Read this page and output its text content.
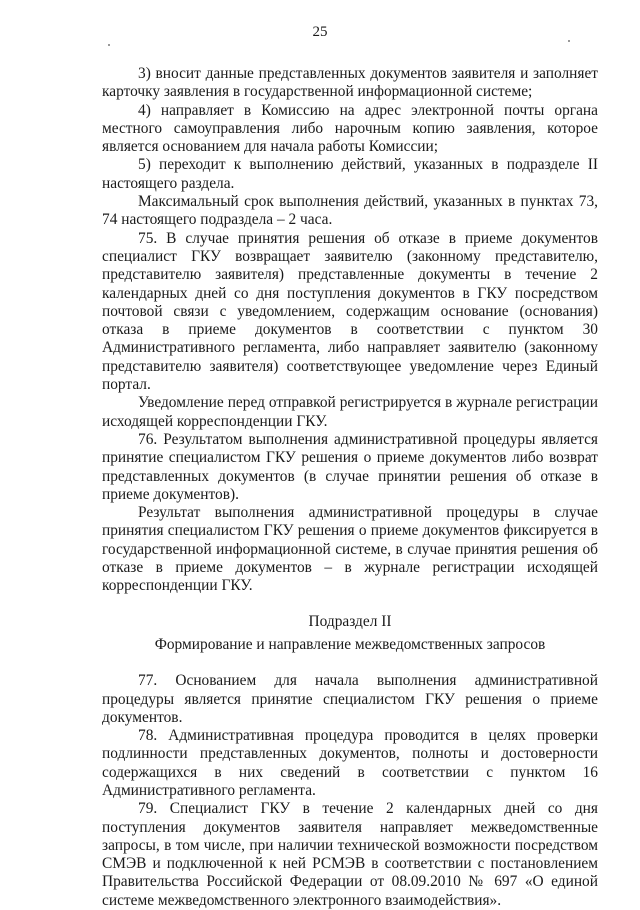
25

3) вносит данные представленных документов заявителя и заполняет карточку заявления в государственной информационной системе;

4) направляет в Комиссию на адрес электронной почты органа местного самоуправления либо нарочным копию заявления, которое является основанием для начала работы Комиссии;

5) переходит к выполнению действий, указанных в подразделе II настоящего раздела.

Максимальный срок выполнения действий, указанных в пунктах 73, 74 настоящего подраздела – 2 часа.

75. В случае принятия решения об отказе в приеме документов специалист ГКУ возвращает заявителю (законному представителю, представителю заявителя) представленные документы в течение 2 календарных дней со дня поступления документов в ГКУ посредством почтовой связи с уведомлением, содержащим основание (основания) отказа в приеме документов в соответствии с пунктом 30 Административного регламента, либо направляет заявителю (законному представителю заявителя) соответствующее уведомление через Единый портал.

Уведомление перед отправкой регистрируется в журнале регистрации исходящей корреспонденции ГКУ.

76. Результатом выполнения административной процедуры является принятие специалистом ГКУ решения о приеме документов либо возврат представленных документов (в случае принятии решения об отказе в приеме документов).

Результат выполнения административной процедуры в случае принятия специалистом ГКУ решения о приеме документов фиксируется в государственной информационной системе, в случае принятия решения об отказе в приеме документов – в журнале регистрации исходящей корреспонденции ГКУ.

Подраздел II

Формирование и направление межведомственных запросов

77. Основанием для начала выполнения административной процедуры является принятие специалистом ГКУ решения о приеме документов.

78. Административная процедура проводится в целях проверки подлинности представленных документов, полноты и достоверности содержащихся в них сведений в соответствии с пунктом 16 Административного регламента.

79. Специалист ГКУ в течение 2 календарных дней со дня поступления документов заявителя направляет межведомственные запросы, в том числе, при наличии технической возможности посредством СМЭВ и подключенной к ней РСМЭВ в соответствии с постановлением Правительства Российской Федерации от 08.09.2010 № 697 «О единой системе межведомственного электронного взаимодействия».
